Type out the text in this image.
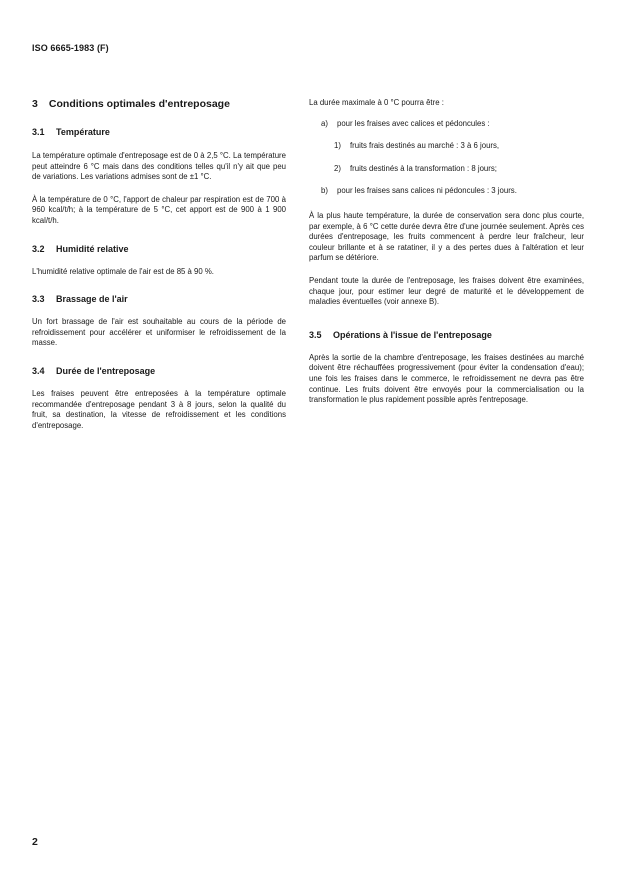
ISO 6665-1983 (F)
3 Conditions optimales d'entreposage
3.1 Température

La température optimale d'entreposage est de 0 à 2,5 °C. La température peut atteindre 6 °C mais dans des conditions telles qu'il n'y ait que peu de variations. Les variations admises sont de ±1 °C.

À la température de 0 °C, l'apport de chaleur par respiration est de 700 à 960 kcal/t/h; à la température de 5 °C, cet apport est de 900 à 1 900 kcal/t/h.

3.2 Humidité relative

L'humidité relative optimale de l'air est de 85 à 90 %.

3.3 Brassage de l'air

Un fort brassage de l'air est souhaitable au cours de la période de refroidissement pour accélérer et uniformiser le refroidissement de la masse.

3.4 Durée de l'entreposage

Les fraises peuvent être entreposées à la température optimale recommandée d'entreposage pendant 3 à 8 jours, selon la qualité du fruit, sa destination, la vitesse de refroidissement et les conditions d'entreposage.

La durée maximale à 0 °C pourra être :

a)	pour les fraises avec calices et pédoncules :
1)	fruits frais destinés au marché : 3 à 6 jours,
2)	fruits destinés à la transformation : 8 jours;
b)	pour les fraises sans calices ni pédoncules : 3 jours.

À la plus haute température, la durée de conservation sera donc plus courte, par exemple, à 6 °C cette durée devra être d'une journée seulement. Après ces durées d'entreposage, les fruits commencent à perdre leur fraîcheur, leur couleur brillante et à se ratatiner, il y a des pertes dues à l'altération et leur parfum se détériore.

Pendant toute la durée de l'entreposage, les fraises doivent être examinées, chaque jour, pour estimer leur degré de maturité et le développement de maladies éventuelles (voir annexe B).

3.5 Opérations à l'issue de l'entreposage

Après la sortie de la chambre d'entreposage, les fraises destinées au marché doivent être réchauffées progressivement (pour éviter la condensation d'eau); une fois les fraises dans le commerce, le refroidissement ne devra pas être continue. Les fruits doivent être envoyés pour la commercialisation ou la transformation le plus rapidement possible après l'entreposage.

2
